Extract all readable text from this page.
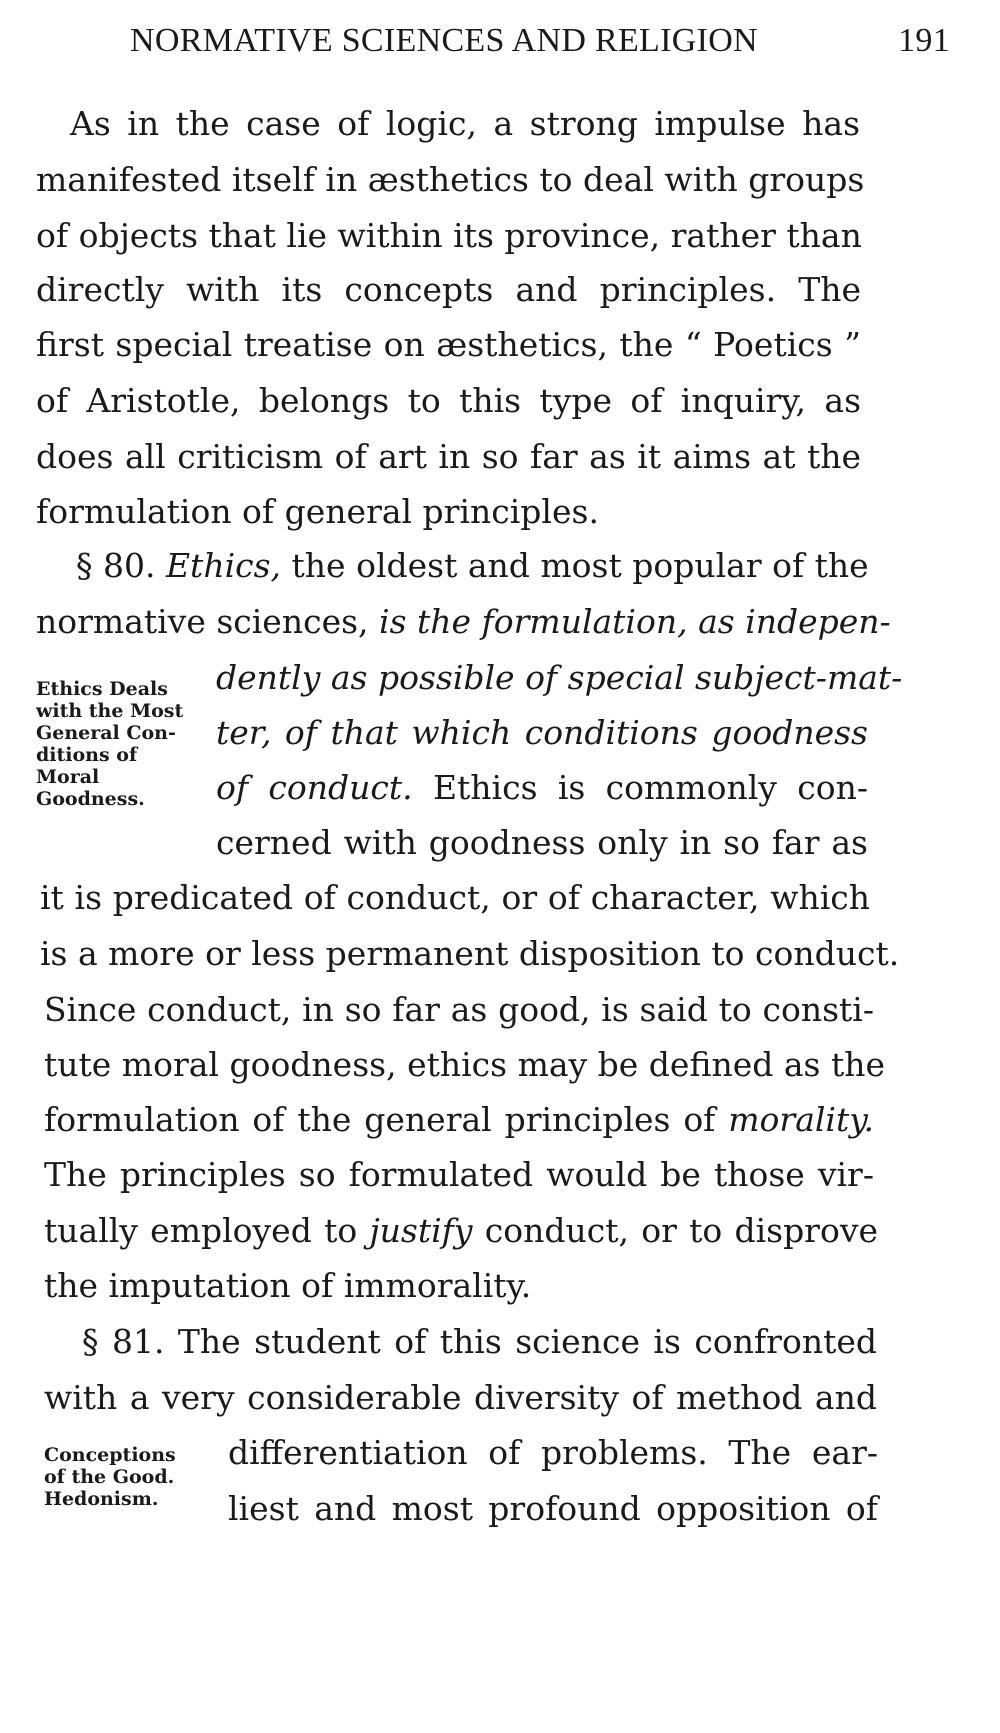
NORMATIVE SCIENCES AND RELIGION	191
As in the case of logic, a strong impulse has
manifested itself in æsthetics to deal with groups
of objects that lie within its province, rather than
directly with its concepts and principles. The
first special treatise on æsthetics, the “ Poetics ”
of Aristotle, belongs to this type of inquiry, as
does all criticism of art in so far as it aims at the
formulation of general principles.
§ 80. Ethics, the oldest and most popular of the
normative sciences, is the formulation, as indepen-
Ethics Deals
with the Most
General Con-
ditions of
Moral
Goodness.
dently as possible of special subject-mat-
ter, of that which conditions goodness
of conduct. Ethics is commonly con-
cerned with goodness only in so far as
it is predicated of conduct, or of character, which
is a more or less permanent disposition to conduct.
Since conduct, in so far as good, is said to consti-
tute moral goodness, ethics may be defined as the
formulation of the general principles of morality.
The principles so formulated would be those vir-
tually employed to justify conduct, or to disprove
the imputation of immorality.
§ 81. The student of this science is confronted
with a very considerable diversity of method and
Conceptions
of the Good.
Hedonism.
differentiation of problems. The ear-
liest and most profound opposition of
